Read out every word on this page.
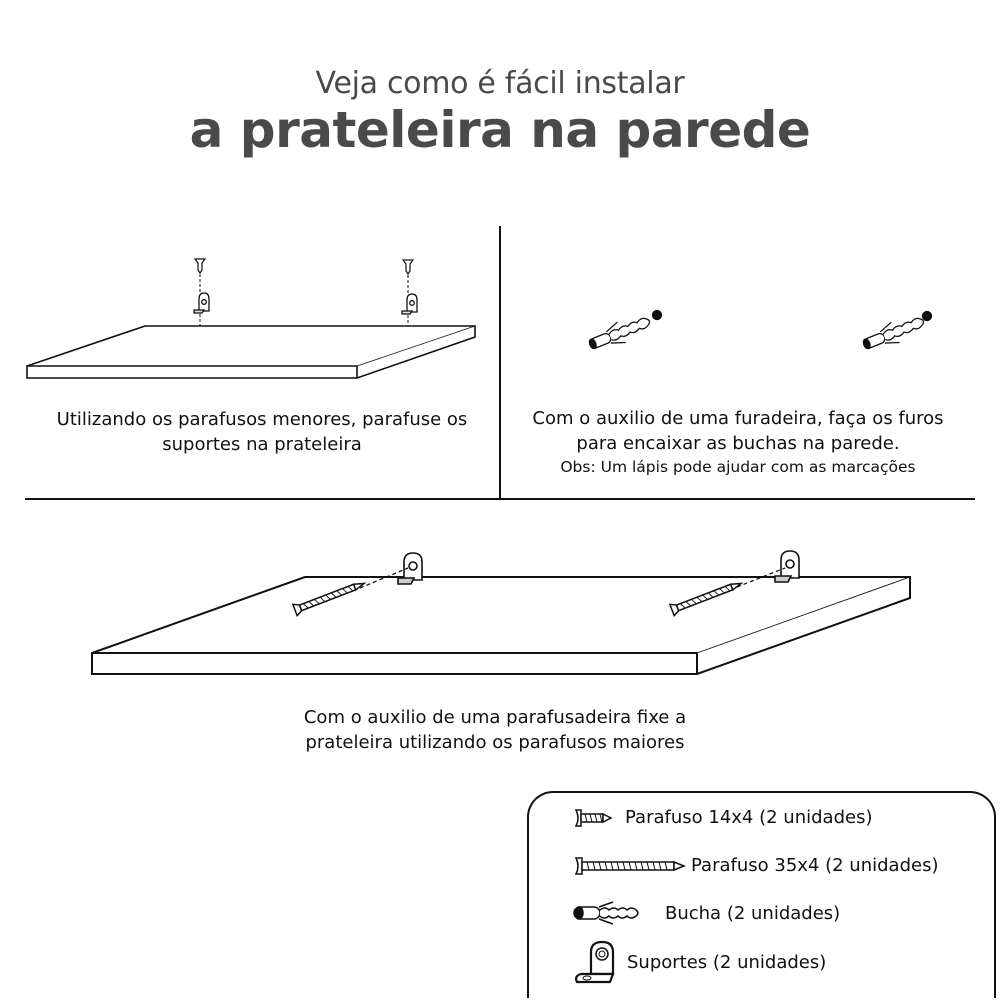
Veja como é fácil instalar
a prateleira na parede
Utilizando os parafusos menores, parafuse os
suportes na prateleira
Com o auxilio de uma furadeira, faça os furos
para encaixar as buchas na parede.
Obs: Um lápis pode ajudar com as marcações
Com o auxilio de uma parafusadeira fixe a
prateleira utilizando os parafusos maiores
Parafuso 14x4 (2 unidades)
Parafuso 35x4 (2 unidades)
Bucha (2 unidades)
Suportes (2 unidades)
